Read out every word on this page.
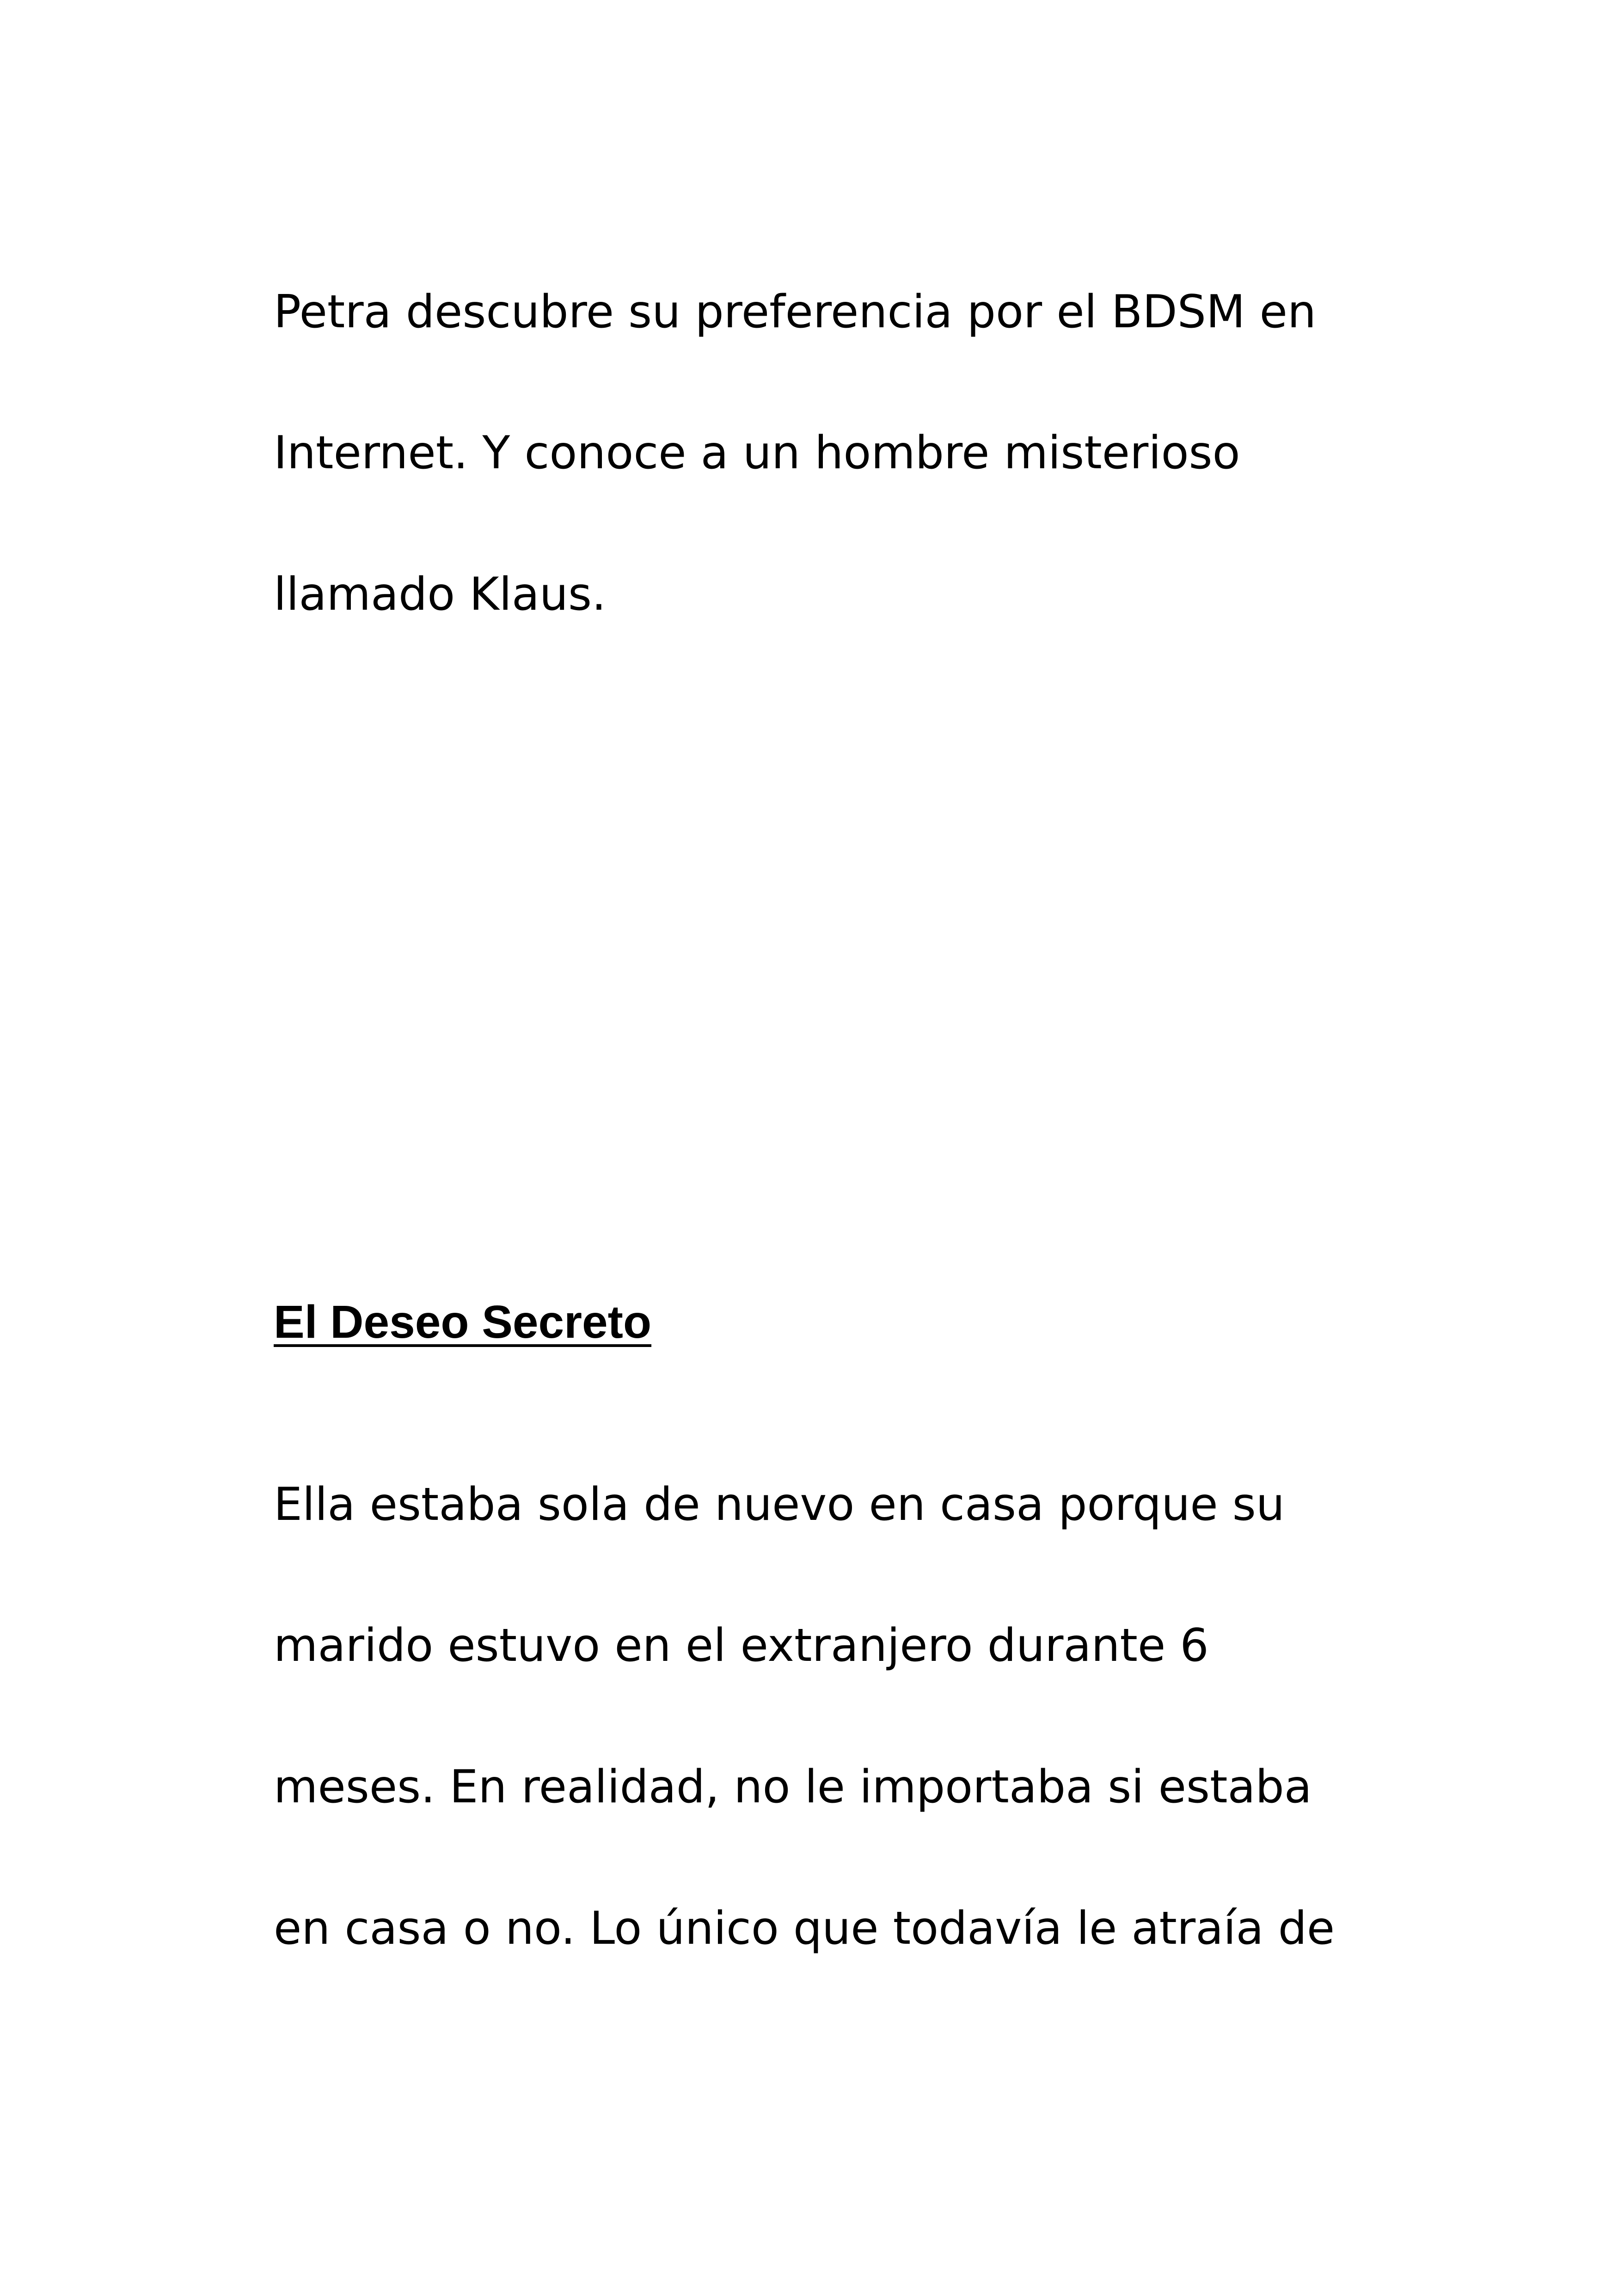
Petra descubre su preferencia por el BDSM en

Internet. Y conoce a un hombre misterioso

llamado Klaus.

El Deseo Secreto

Ella estaba sola de nuevo en casa porque su

marido estuvo en el extranjero durante 6

meses. En realidad, no le importaba si estaba

en casa o no. Lo único que todavía le atraía de
